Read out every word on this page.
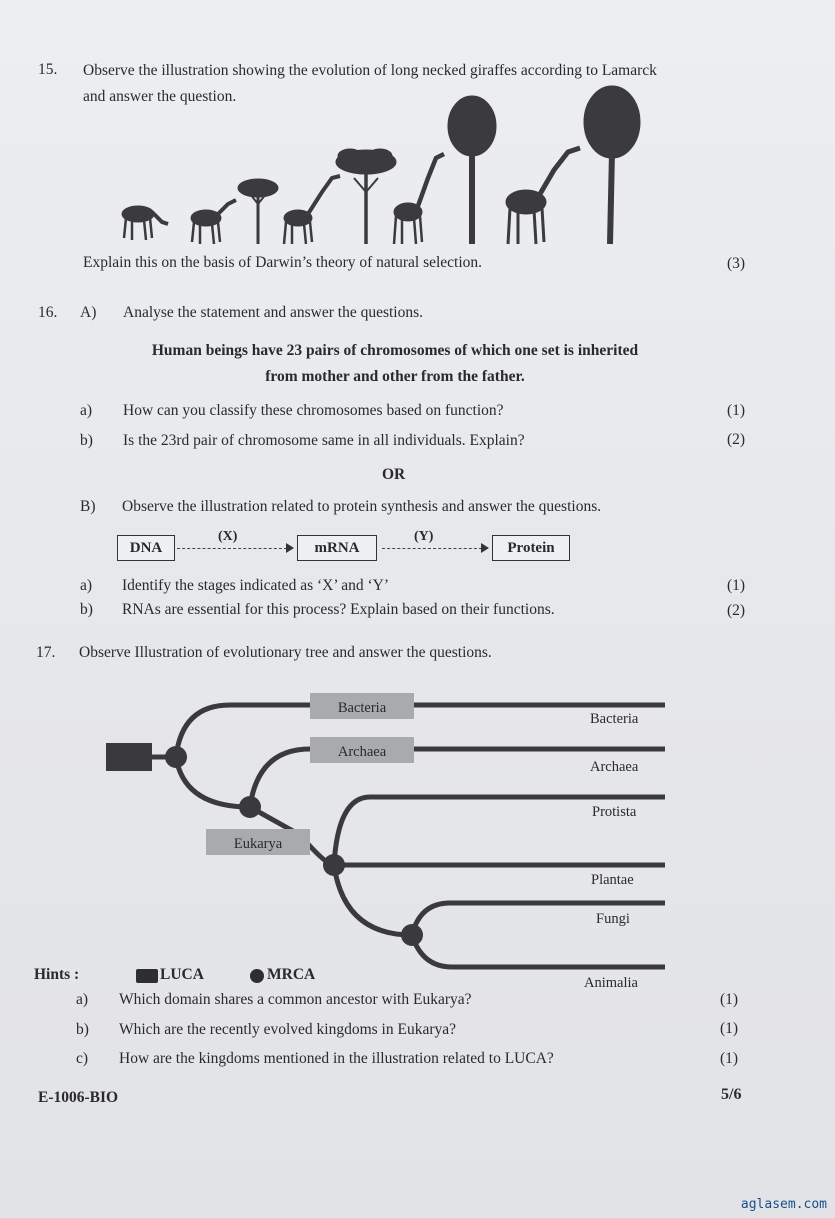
15. Observe the illustration showing the evolution of long necked giraffes according to Lamarck
and answer the question.
Explain this on the basis of Darwin’s theory of natural selection.	(3)
16. A) Analyse the statement and answer the questions.
Human beings have 23 pairs of chromosomes of which one set is inherited
from mother and other from the father.
a) How can you classify these chromosomes based on function?	(1)
b) Is the 23rd pair of chromosome same in all individuals. Explain?	(2)
OR
B) Observe the illustration related to protein synthesis and answer the questions.
DNA
(X)
mRNA
(Y)
Protein
a) Identify the stages indicated as ‘X’ and ‘Y’	(1)
b) RNAs are essential for this process? Explain based on their functions.	(2)
17. Observe Illustration of evolutionary tree and answer the questions.
Bacteria
Archaea
Eukarya
Bacteria
Archaea
Protista
Plantae
Fungi
Animalia
Hints :	LUCA	MRCA
a) Which domain shares a common ancestor with Eukarya?	(1)
b) Which are the recently evolved kingdoms in Eukarya?	(1)
c) How are the kingdoms mentioned in the illustration related to LUCA?	(1)
E-1006-BIO	5/6
aglasem.com
